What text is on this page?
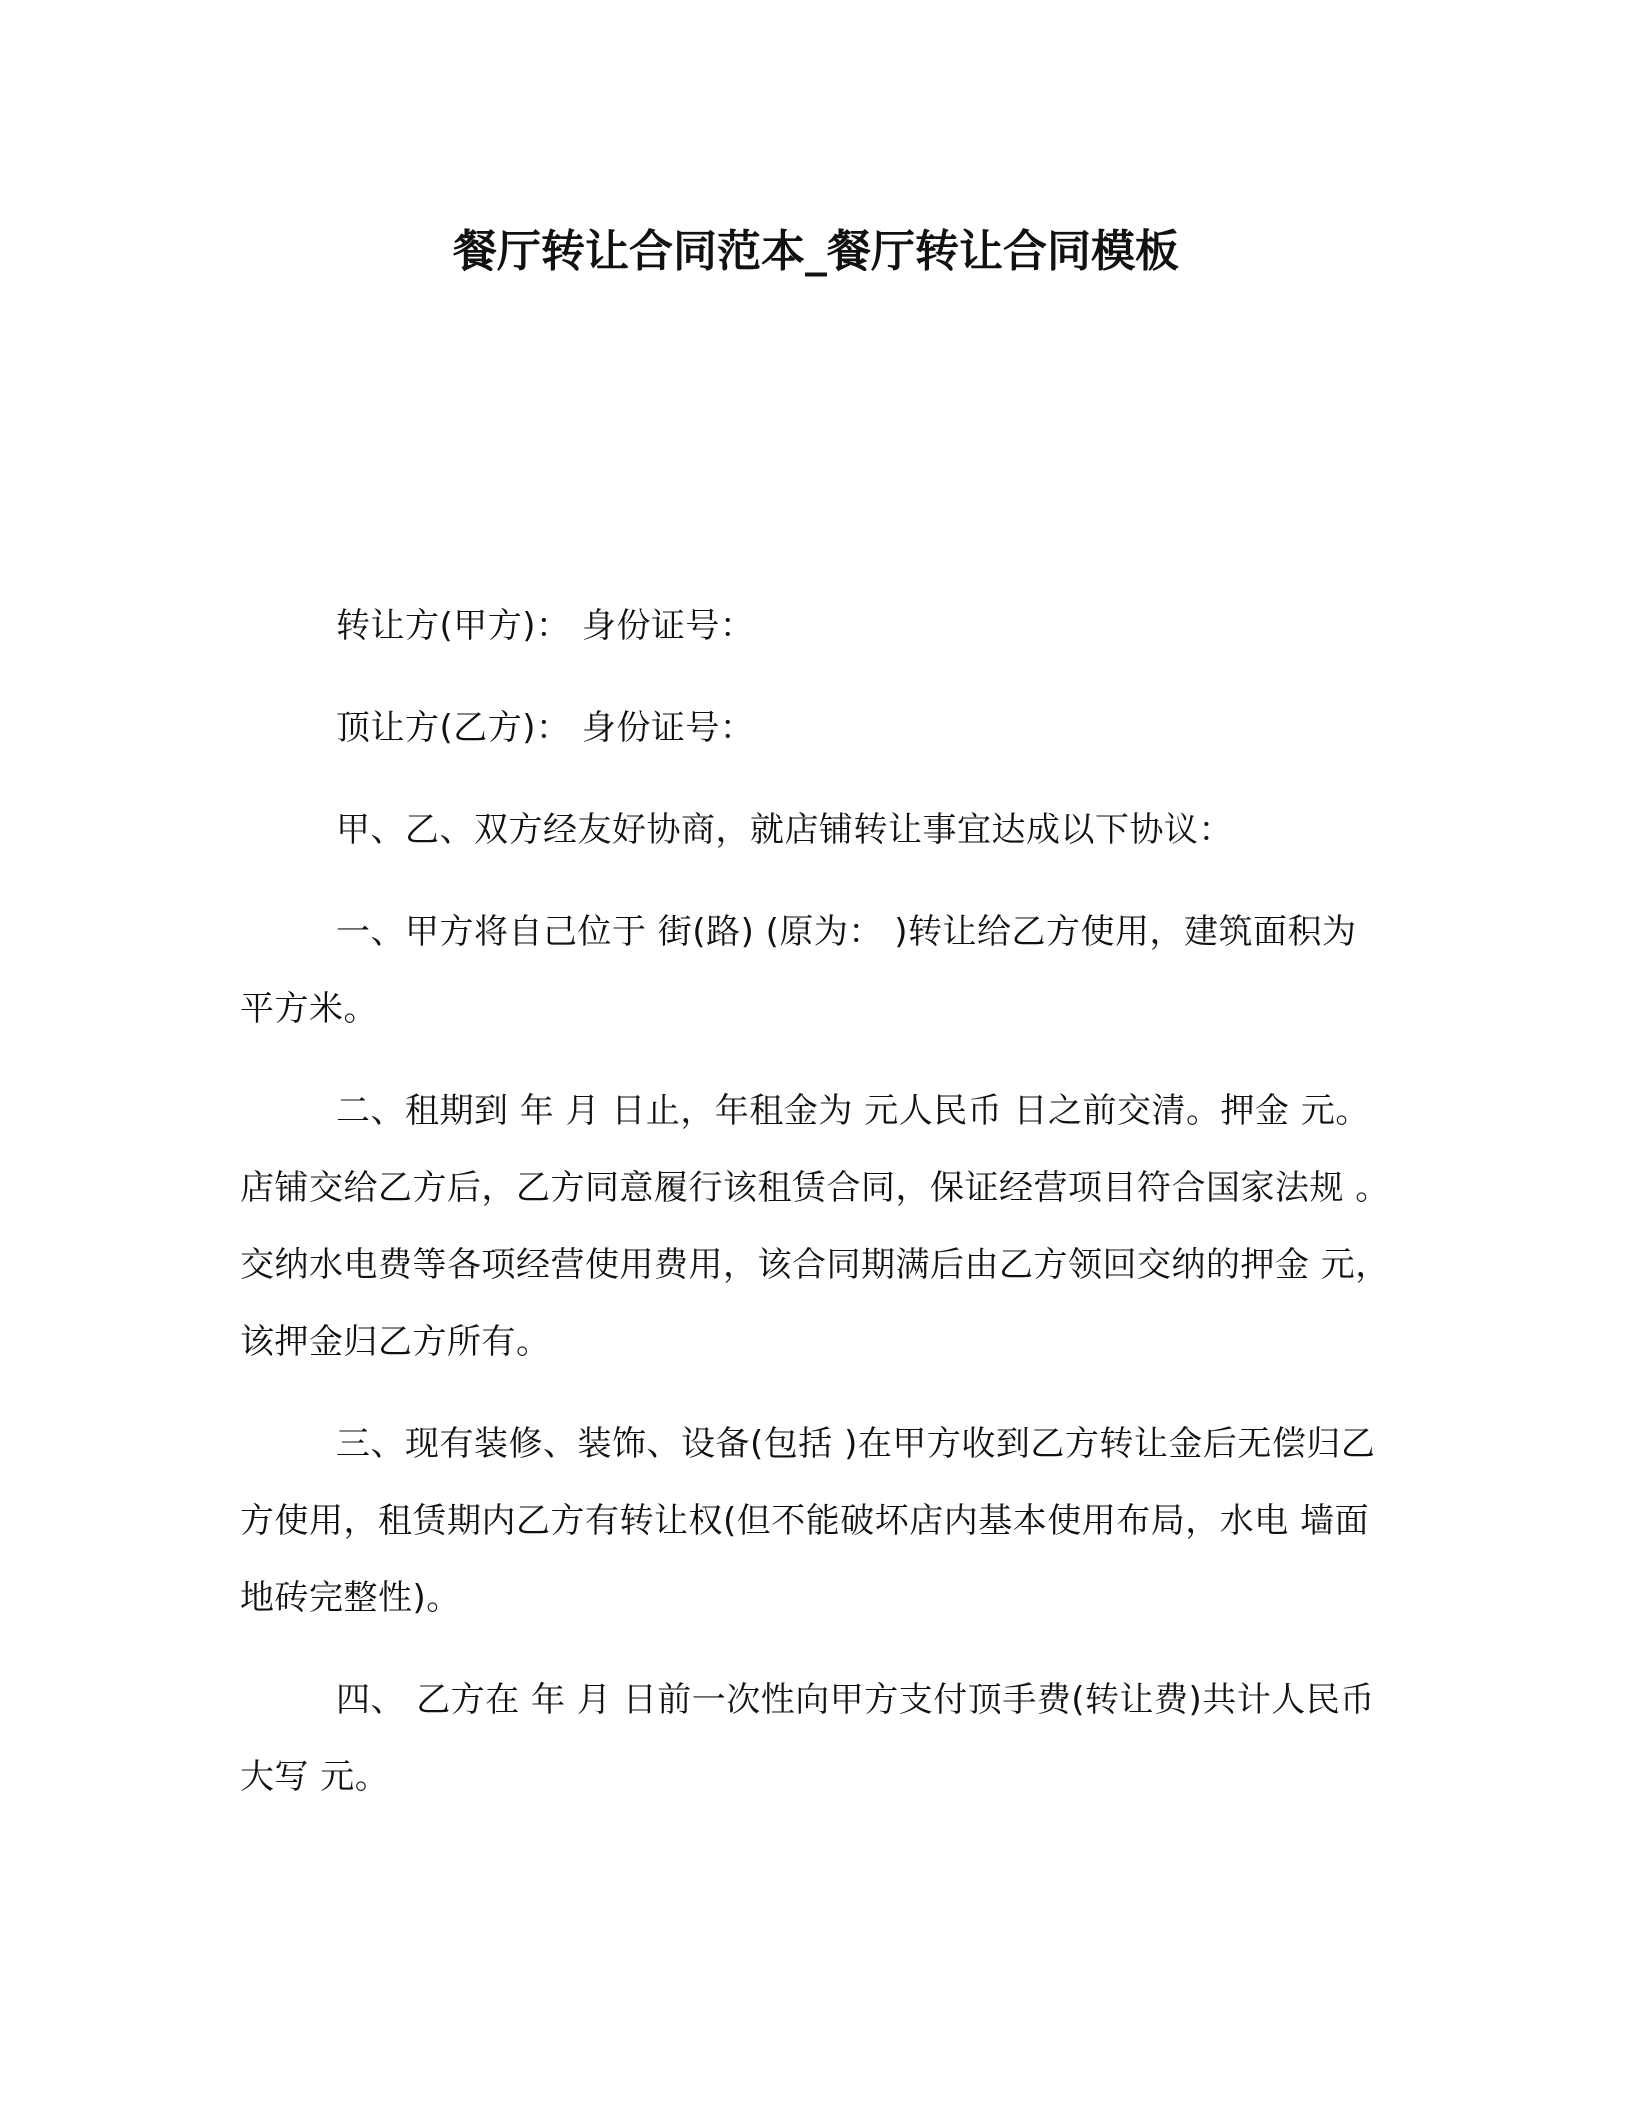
餐厅转让合同范本_餐厅转让合同模板

转让方(甲方)： 身份证号：

顶让方(乙方)： 身份证号：

甲、乙、双方经友好协商，就店铺转让事宜达成以下协议：

一、甲方将自己位于 街(路) (原为： )转让给乙方使用，建筑面积为 平方米。

二、租期到 年 月 日止，年租金为 元人民币 日之前交清。押金 元。店铺交给乙方后，乙方同意履行该租赁合同，保证经营项目符合国家法规 。交纳水电费等各项经营使用费用，该合同期满后由乙方领回交纳的押金 元，该押金归乙方所有。

三、现有装修、装饰、设备(包括 )在甲方收到乙方转让金后无偿归乙方使用，租赁期内乙方有转让权(但不能破坏店内基本使用布局，水电 墙面 地砖完整性)。

四、 乙方在 年 月 日前一次性向甲方支付顶手费(转让费)共计人民币大写 元。
